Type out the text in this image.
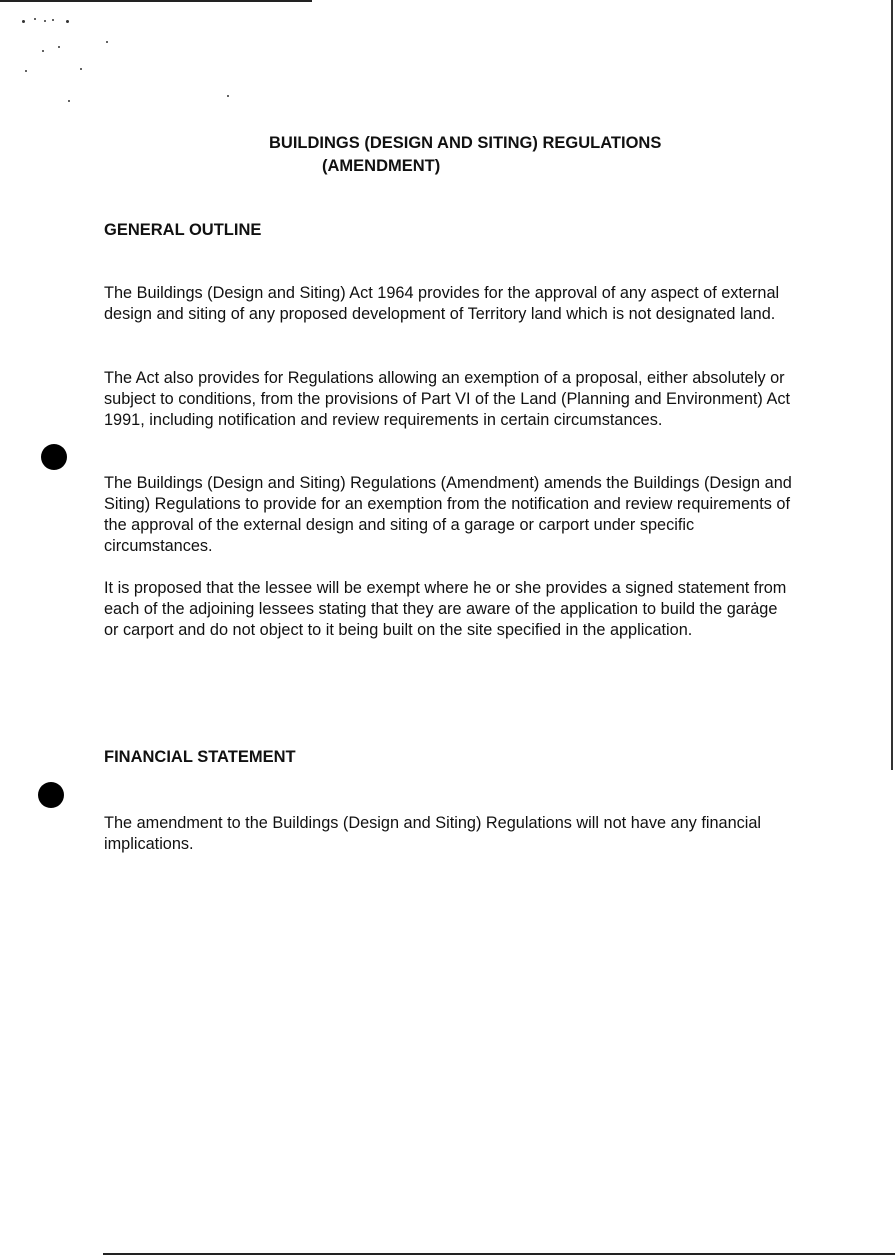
BUILDINGS (DESIGN AND SITING) REGULATIONS
(AMENDMENT)
GENERAL OUTLINE
The Buildings (Design and Siting) Act 1964 provides for the approval of any aspect of external design and siting of any proposed development of Territory land which is not designated land.
The Act also provides for Regulations allowing an exemption of a proposal, either absolutely or subject to conditions, from the provisions of Part VI of the Land (Planning and Environment) Act 1991, including notification and review requirements in certain circumstances.
The Buildings (Design and Siting) Regulations (Amendment) amends the Buildings (Design and Siting) Regulations to provide for an exemption from the notification and review requirements of the approval of the external design and siting of a garage or carport under specific circumstances.
It is proposed that the lessee will be exempt where he or she provides a signed statement from each of the adjoining lessees stating that they are aware of the application to build the garage or carport and do not object to it being built on the site specified in the application.
FINANCIAL STATEMENT
The amendment to the Buildings (Design and Siting) Regulations will not have any financial implications.
